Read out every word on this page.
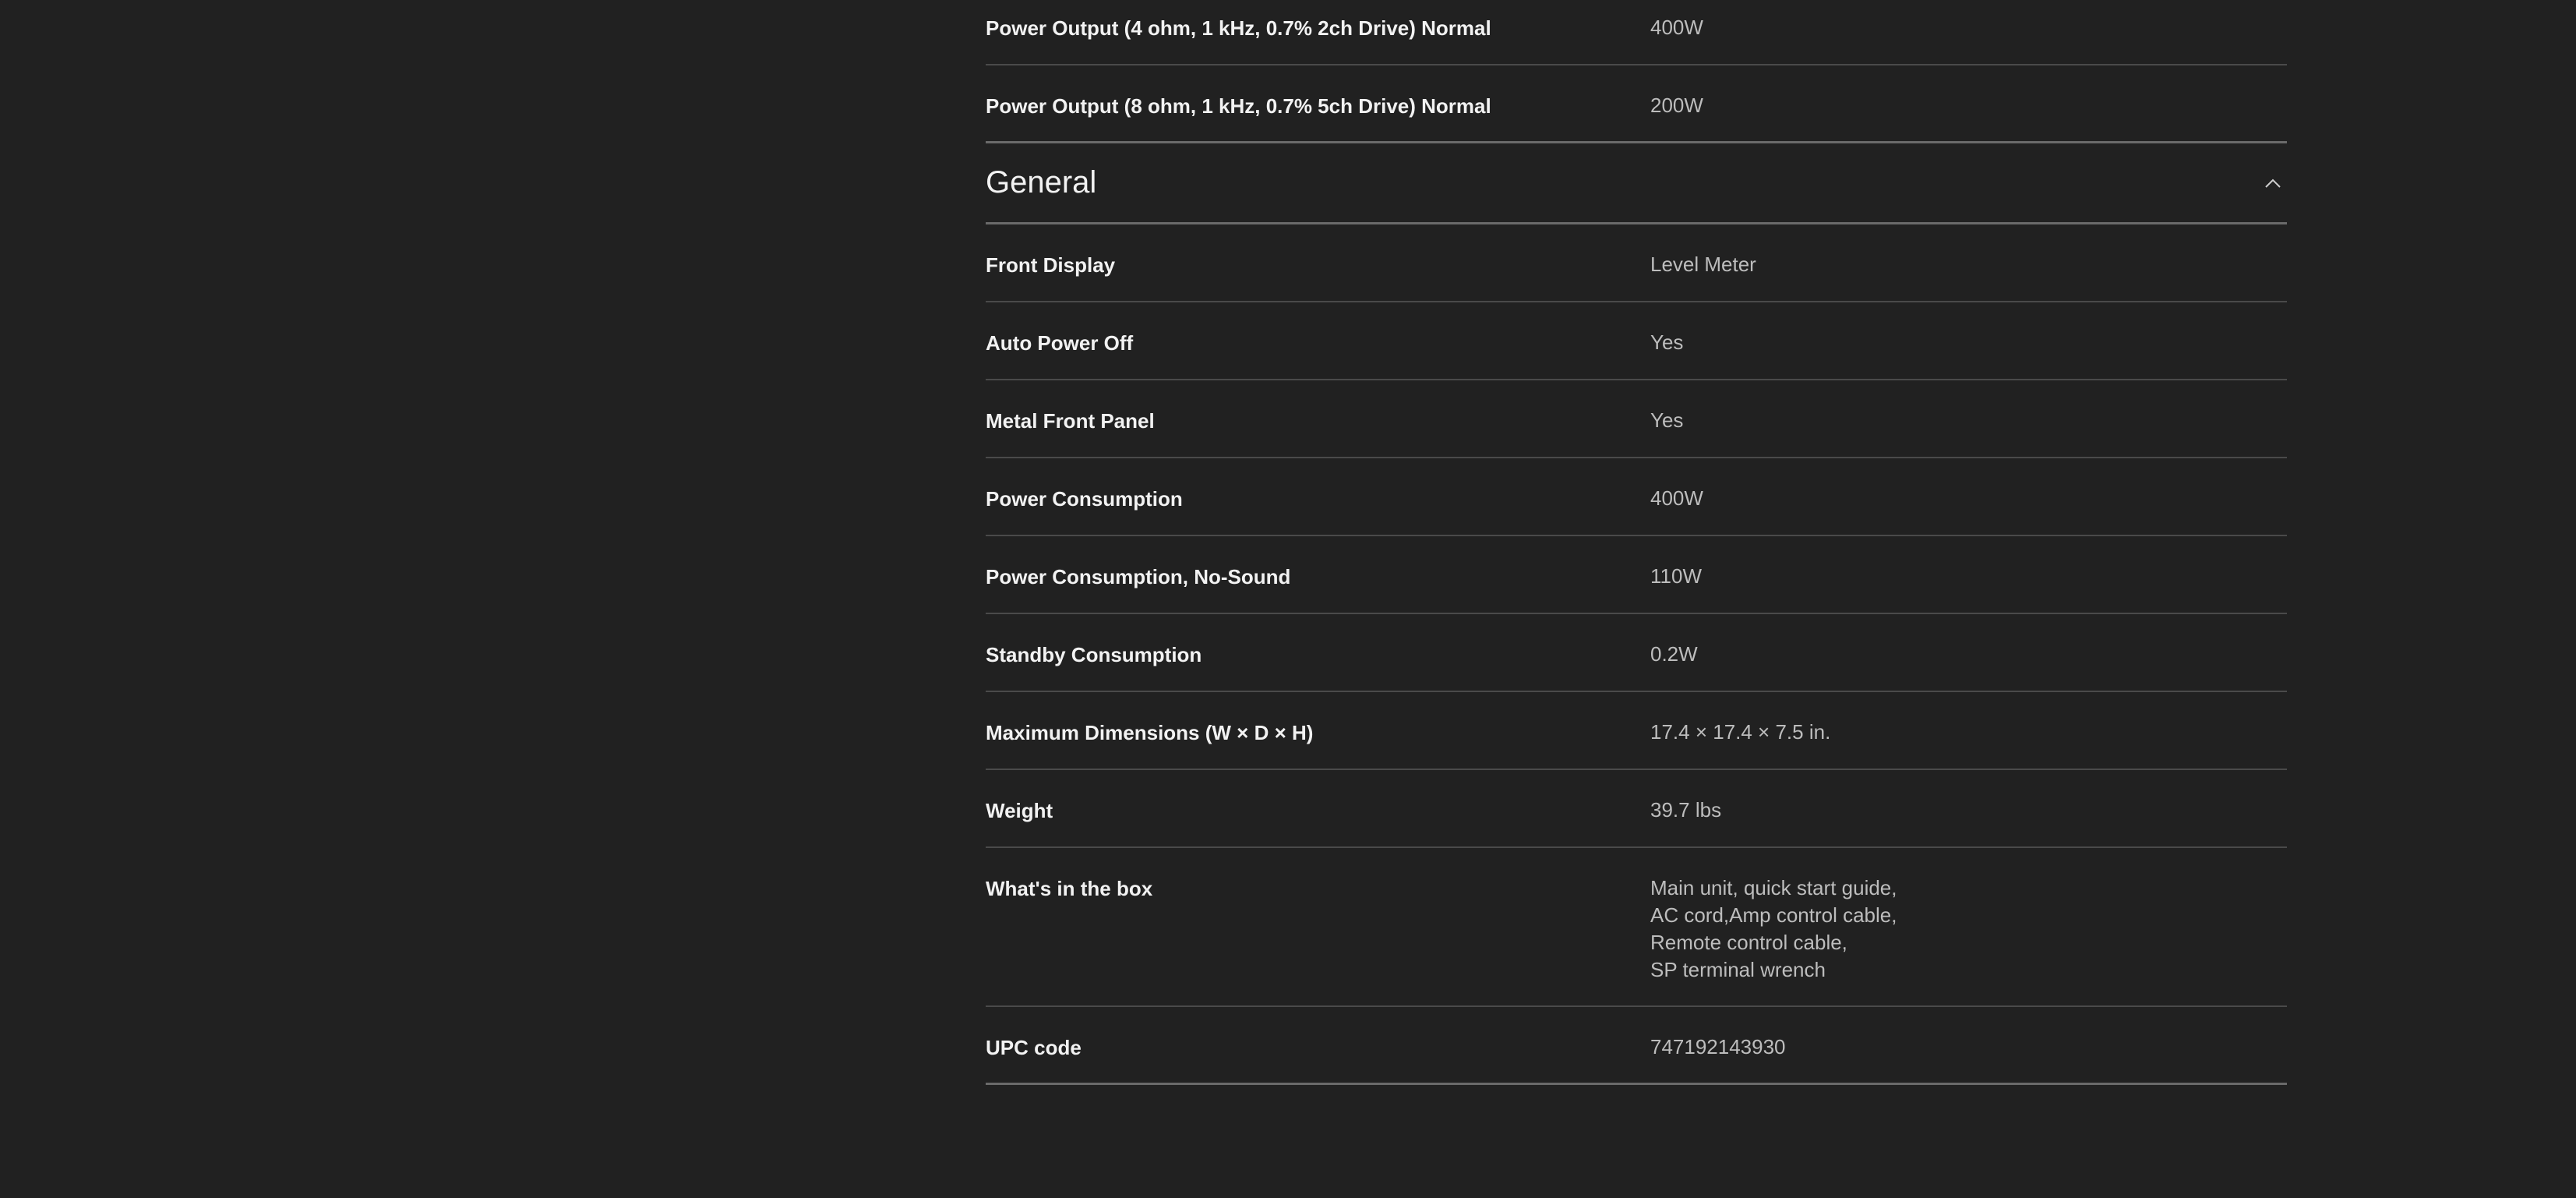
Power Output (4 ohm, 1 kHz, 0.7% 2ch Drive) Normal	400W
Power Output (8 ohm, 1 kHz, 0.7% 5ch Drive) Normal	200W
General
Front Display	Level Meter
Auto Power Off	Yes
Metal Front Panel	Yes
Power Consumption	400W
Power Consumption, No-Sound	110W
Standby Consumption	0.2W
Maximum Dimensions (W × D × H)	17.4 × 17.4 × 7.5 in.
Weight	39.7 lbs
What's in the box	Main unit, quick start guide,
AC cord,Amp control cable,
Remote control cable,
SP terminal wrench
UPC code	747192143930
